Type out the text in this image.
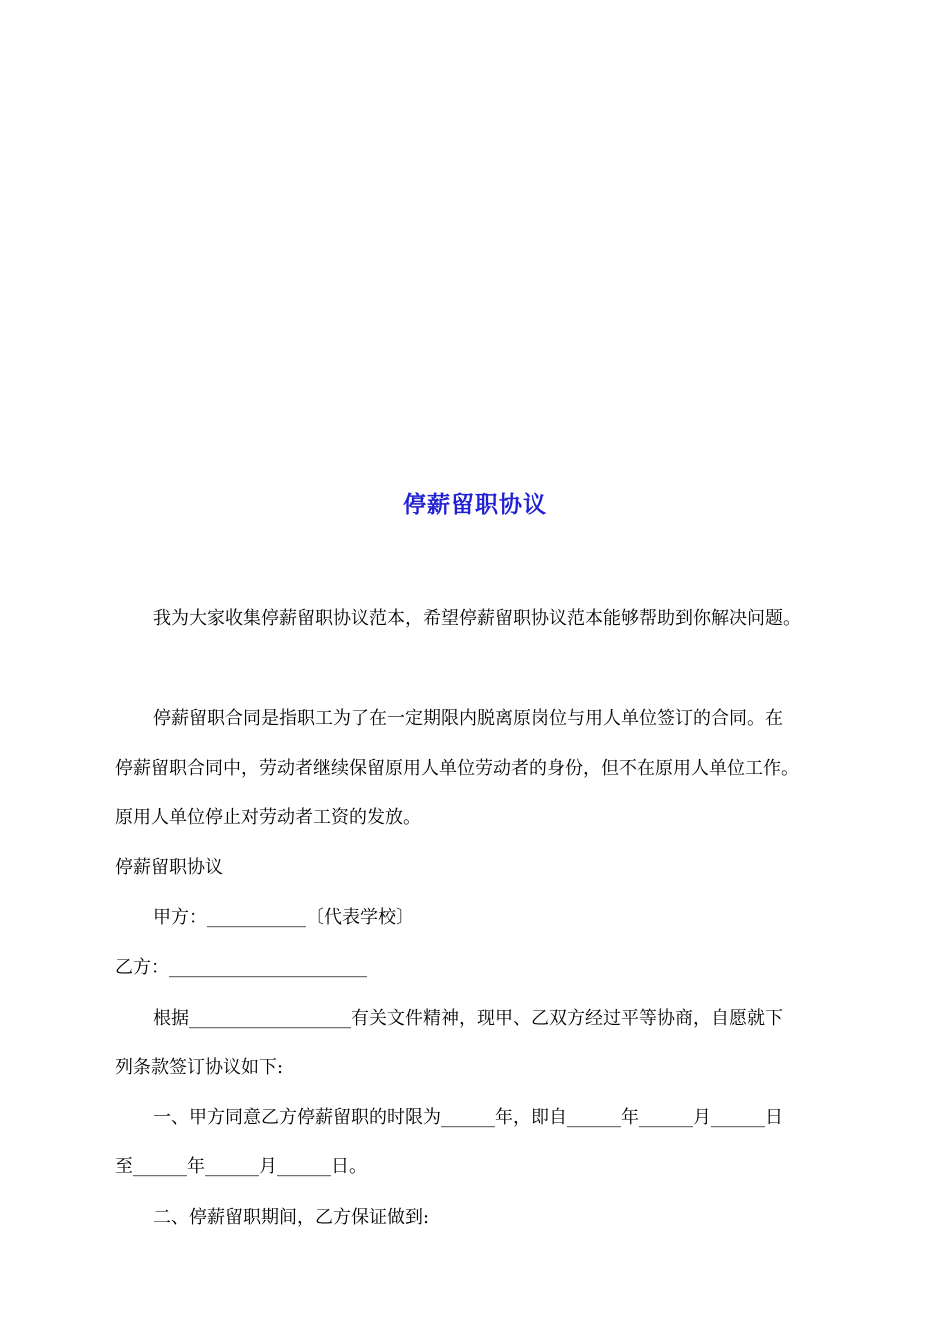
停薪留职协议
我为大家收集停薪留职协议范本，希望停薪留职协议范本能够帮助到你解决问题。
停薪留职合同是指职工为了在一定期限内脱离原岗位与用人单位签订的合同。在
停薪留职合同中，劳动者继续保留原用人单位劳动者的身份，但不在原用人单位工作。
原用人单位停止对劳动者工资的发放。
停薪留职协议
甲方：___________〔代表学校〕
乙方：______________________
根据__________________有关文件精神，现甲、乙双方经过平等协商，自愿就下
列条款签订协议如下:
一、甲方同意乙方停薪留职的时限为______年，即自______年______月______日
至______年______月______日。
二、停薪留职期间，乙方保证做到:
